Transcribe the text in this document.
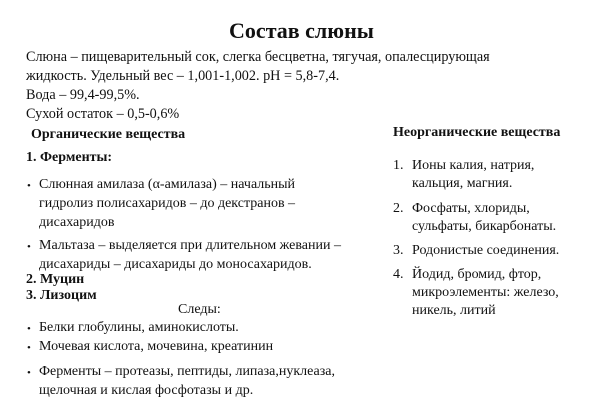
Состав слюны
Слюна – пищеварительный сок, слегка бесцветна, тягучая, опалесцирующая
жидкость. Удельный вес – 1,001-1,002. pH = 5,8-7,4.
Вода – 99,4-99,5%.
Сухой остаток – 0,5-0,6%
Органические вещества
1. Ферменты:
• Слюнная амилаза (α-амилаза) – начальный
гидролиз полисахаридов – до декстранов –
дисахаридов
• Мальтаза – выделяется при длительном жевании –
дисахариды – дисахариды до моносахаридов.
2. Муцин
3. Лизоцим
Следы:
• Белки глобулины, аминокислоты.
• Мочевая кислота, мочевина, креатинин
• Ферменты – протеазы, пептиды, липаза,нуклеаза,
щелочная и кислая фосфотазы и др.
Неорганические вещества
1. Ионы калия, натрия,
кальция, магния.
2. Фосфаты, хлориды,
сульфаты, бикарбонаты.
3. Родонистые соединения.
4. Йодид, бромид, фтор,
микроэлементы: железо,
никель, литий
